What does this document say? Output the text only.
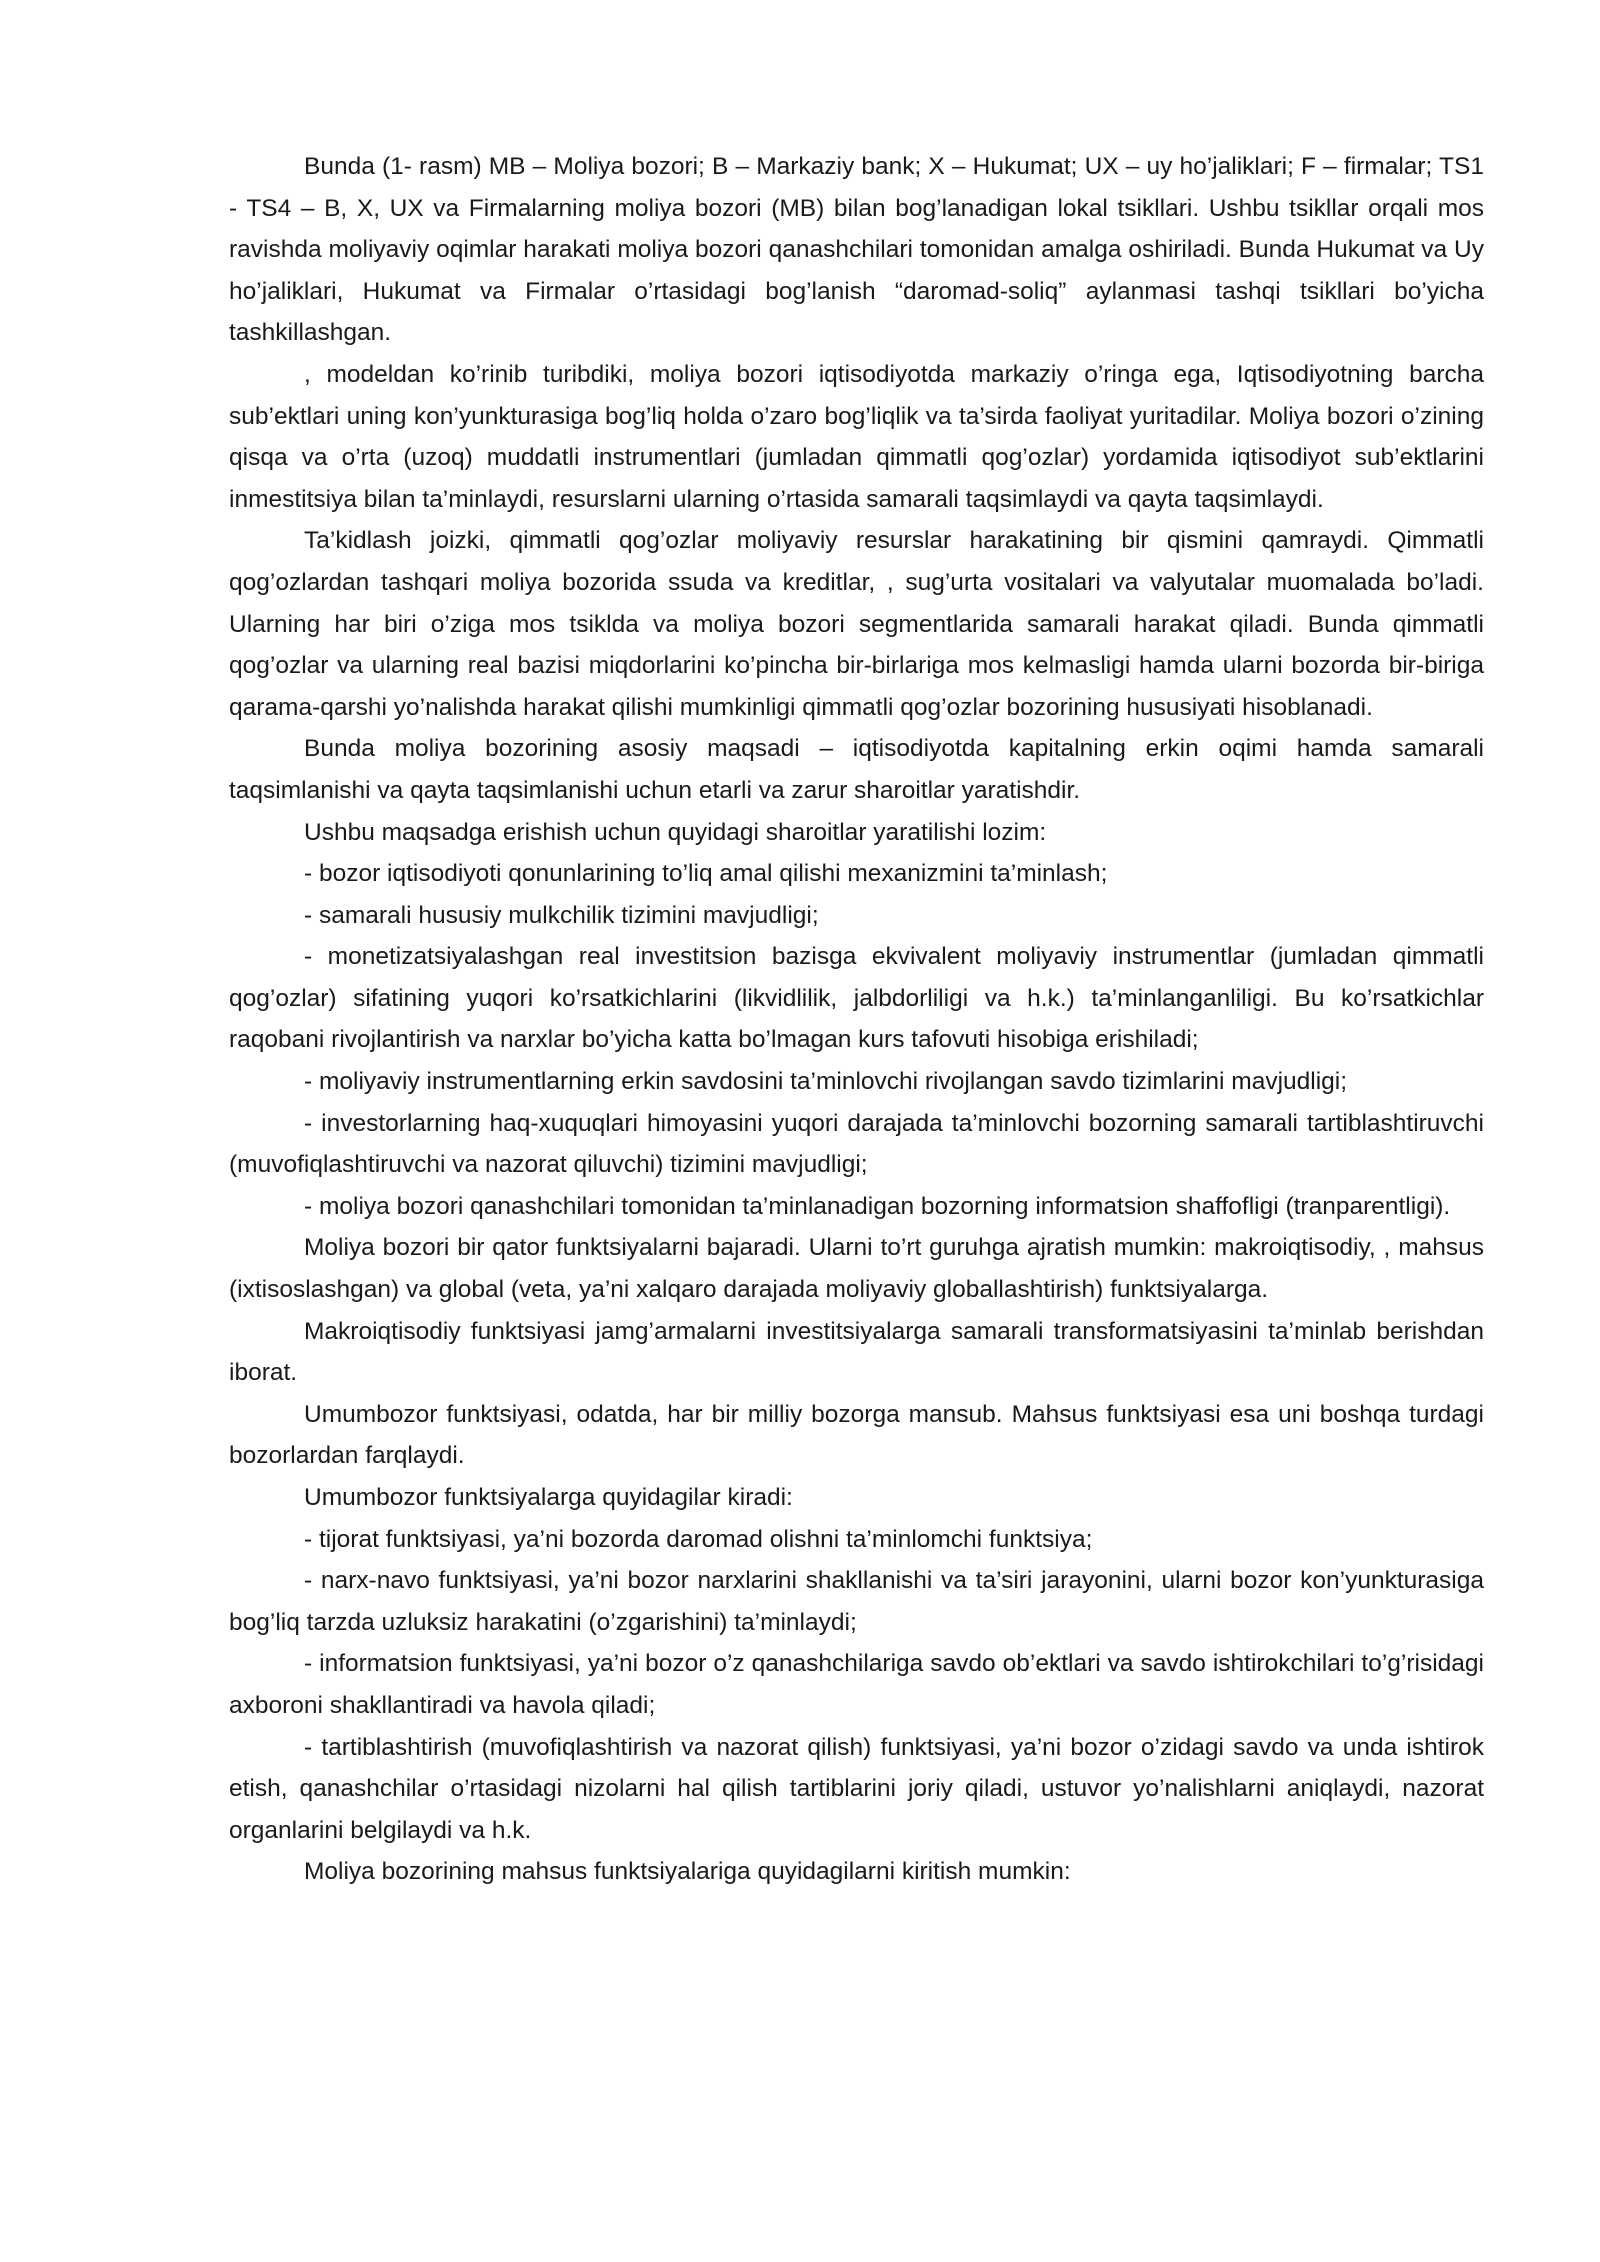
Bunda (1- rasm) MB – Moliya bozori; B – Markaziy bank; X – Hukumat; UX – uy ho’jaliklari; F – firmalar; TS1 - TS4 – B, X, UX va Firmalarning moliya bozori (MB) bilan bog’lanadigan lokal tsikllari. Ushbu tsikllar orqali mos ravishda moliyaviy oqimlar harakati moliya bozori qanashchilari tomonidan amalga oshiriladi. Bunda Hukumat va Uy ho’jaliklari, Hukumat va Firmalar o’rtasidagi bog’lanish “daromad-soliq” aylanmasi tashqi tsikllari bo’yicha tashkillashgan.

, modeldan ko’rinib turibdiki, moliya bozori iqtisodiyotda markaziy o’ringa ega, Iqtisodiyotning barcha sub’ektlari uning kon’yunkturasiga bog’liq holda o’zaro bog’liqlik va ta’sirda faoliyat yuritadilar. Moliya bozori o’zining qisqa va o’rta (uzoq) muddatli instrumentlari (jumladan qimmatli qog’ozlar) yordamida iqtisodiyot sub’ektlarini inmestitsiya bilan ta’minlaydi, resurslarni ularning o’rtasida samarali taqsimlaydi va qayta taqsimlaydi.

Ta’kidlash joizki, qimmatli qog’ozlar moliyaviy resurslar harakatining bir qismini qamraydi. Qimmatli qog’ozlardan tashqari moliya bozorida ssuda va kreditlar, , sug’urta vositalari va valyutalar muomalada bo’ladi. Ularning har biri o’ziga mos tsiklda va moliya bozori segmentlarida samarali harakat qiladi. Bunda qimmatli qog’ozlar va ularning real bazisi miqdorlarini ko’pincha bir-birlariga mos kelmasligi hamda ularni bozorda bir-biriga qarama-qarshi yo’nalishda harakat qilishi mumkinligi qimmatli qog’ozlar bozorining hususiyati hisoblanadi.

Bunda moliya bozorining asosiy maqsadi – iqtisodiyotda kapitalning erkin oqimi hamda samarali taqsimlanishi va qayta taqsimlanishi uchun etarli va zarur sharoitlar yaratishdir.

Ushbu maqsadga erishish uchun quyidagi sharoitlar yaratilishi lozim:

- bozor iqtisodiyoti qonunlarining to’liq amal qilishi mexanizmini ta’minlash;

- samarali hususiy mulkchilik tizimini mavjudligi;

- monetizatsiyalashgan real investitsion bazisga ekvivalent moliyaviy instrumentlar (jumladan qimmatli qog’ozlar) sifatining yuqori ko’rsatkichlarini (likvidlilik, jalbdorliligi va h.k.) ta’minlanganliligi. Bu ko’rsatkichlar raqobani rivojlantirish va narxlar bo’yicha katta bo’lmagan kurs tafovuti hisobiga erishiladi;

- moliyaviy instrumentlarning erkin savdosini ta’minlovchi rivojlangan savdo tizimlarini mavjudligi;

- investorlarning haq-xuquqlari himoyasini yuqori darajada ta’minlovchi bozorning samarali tartiblashtiruvchi (muvofiqlashtiruvchi va nazorat qiluvchi) tizimini mavjudligi;

- moliya bozori qanashchilari tomonidan ta’minlanadigan bozorning informatsion shaffofligi (tranparentligi).

Moliya bozori bir qator funktsiyalarni bajaradi. Ularni to’rt guruhga ajratish mumkin: makroiqtisodiy, , mahsus (ixtisoslashgan) va global (veta, ya’ni xalqaro darajada moliyaviy globallashtirish) funktsiyalarga.

Makroiqtisodiy funktsiyasi jamg’armalarni investitsiyalarga samarali transformatsiyasini ta’minlab berishdan iborat.

Umumbozor funktsiyasi, odatda, har bir milliy bozorga mansub. Mahsus funktsiyasi esa uni boshqa turdagi bozorlardan farqlaydi.

Umumbozor funktsiyalarga quyidagilar kiradi:

- tijorat funktsiyasi, ya’ni bozorda daromad olishni ta’minlomchi funktsiya;

- narx-navo funktsiyasi, ya’ni bozor narxlarini shakllanishi va ta’siri jarayonini, ularni bozor kon’yunkturasiga bog’liq tarzda uzluksiz harakatini (o’zgarishini) ta’minlaydi;

- informatsion funktsiyasi, ya’ni bozor o’z qanashchilariga savdo ob’ektlari va savdo ishtirokchilari to’g’risidagi axboroni shakllantiradi va havola qiladi;

- tartiblashtirish (muvofiqlashtirish va nazorat qilish) funktsiyasi, ya’ni bozor o’zidagi savdo va unda ishtirok etish, qanashchilar o’rtasidagi nizolarni hal qilish tartiblarini joriy qiladi, ustuvor yo’nalishlarni aniqlaydi, nazorat organlarini belgilaydi va h.k.

Moliya bozorining mahsus funktsiyalariga quyidagilarni kiritish mumkin:
